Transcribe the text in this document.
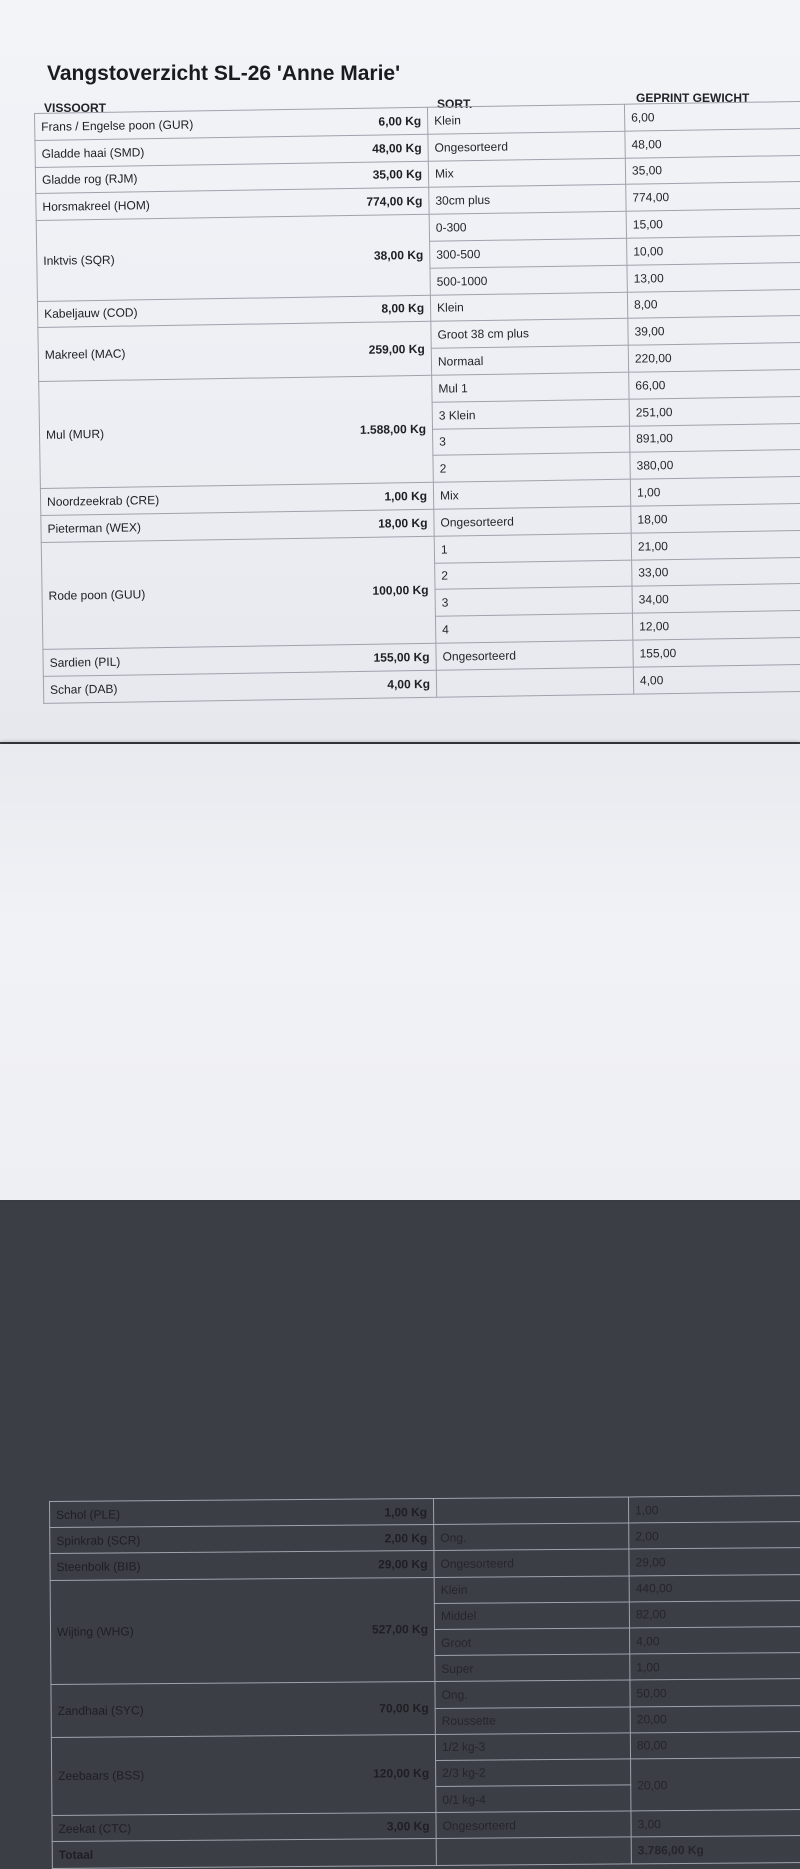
Vangstoverzicht SL-26 'Anne Marie'
VISSOORT	SORT.	GEPRINT GEWICHT
Frans / Engelse poon (GUR) 6,00 Kg	Klein	6,00

Gladde haai (SMD) 48,00 Kg	Ongesorteerd	48,00

Gladde rog (RJM) 35,00 Kg	Mix	35,00

Horsmakreel (HOM) 774,00 Kg	30cm plus	774,00

Inktvis (SQR) 38,00 Kg	0-300	15,00
	300-500	10,00
	500-1000	13,00

Kabeljauw (COD) 8,00 Kg	Klein	8,00

Makreel (MAC) 259,00 Kg	Groot 38 cm plus	39,00
	Normaal	220,00

Mul (MUR) 1.588,00 Kg	Mul 1	66,00
	3 Klein	251,00
	3	891,00
	2	380,00

Noordzeekrab (CRE) 1,00 Kg	Mix	1,00

Pieterman (WEX) 18,00 Kg	Ongesorteerd	18,00

Rode poon (GUU) 100,00 Kg	1	21,00
	2	33,00
	3	34,00
	4	12,00

Sardien (PIL) 155,00 Kg	Ongesorteerd	155,00

Schar (DAB) 4,00 Kg		4,00
Schol (PLE) 1,00 Kg		1,00

Spinkrab (SCR) 2,00 Kg	Ong.	2,00

Steenbolk (BIB) 29,00 Kg	Ongesorteerd	29,00

Wijting (WHG) 527,00 Kg	Klein	440,00
	Middel	82,00
	Groot	4,00
	Super	1,00

Zandhaai (SYC) 70,00 Kg	Ong.	50,00
	Roussette	20,00

Zeebaars (BSS) 120,00 Kg	1/2 kg-3	80,00
	2/3 kg-2	20,00
	0/1 kg-4	

Zeekat (CTC) 3,00 Kg	Ongesorteerd	3,00
Totaal		3.786,00 Kg
